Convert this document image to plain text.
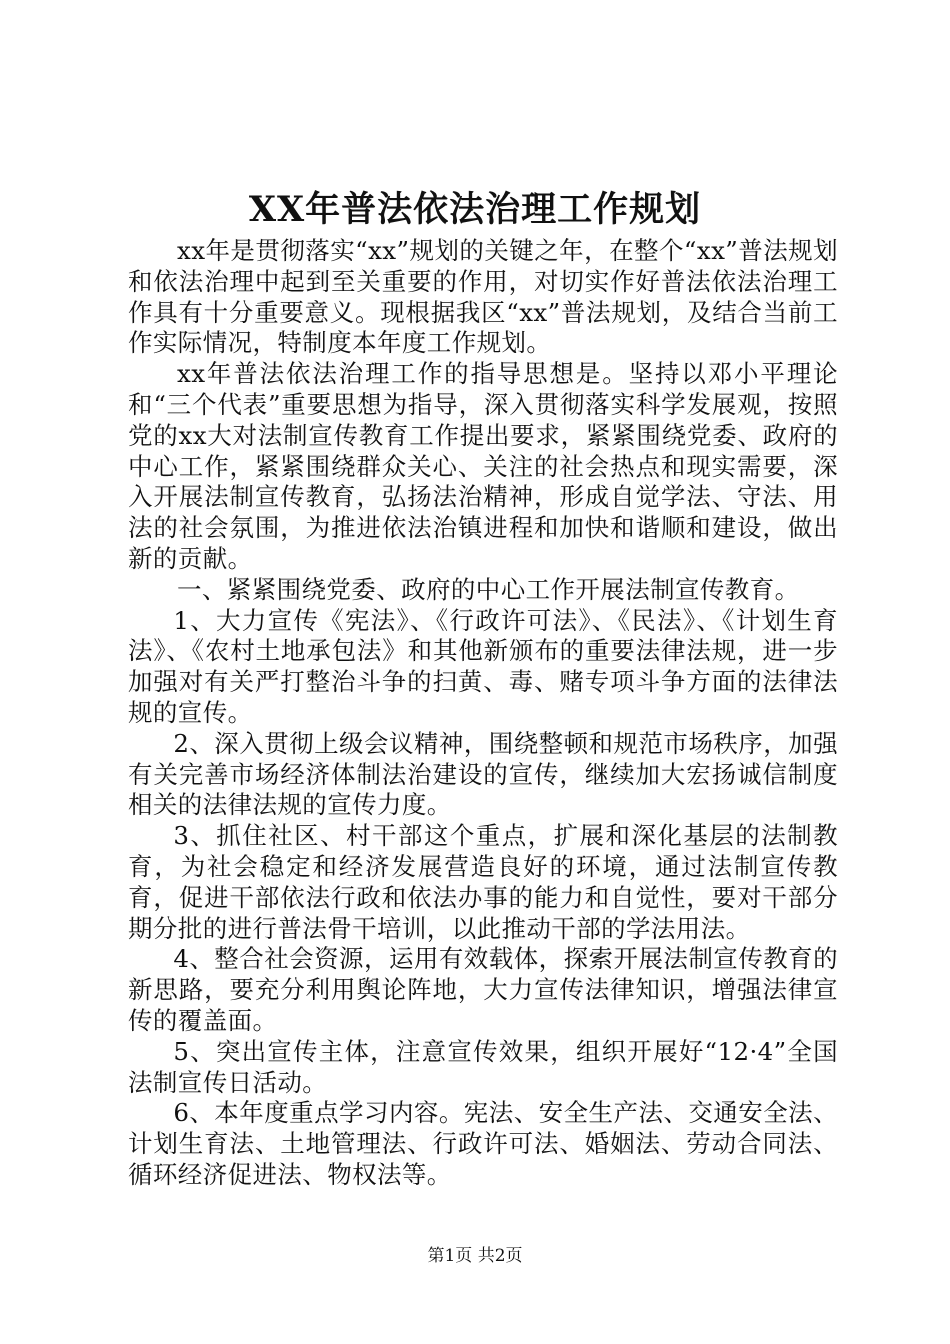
XX年普法依法治理工作规划

xx年是贯彻落实“xx”规划的关键之年，在整个“xx”普法规划和依法治理中起到至关重要的作用，对切实作好普法依法治理工作具有十分重要意义。现根据我区“xx”普法规划，及结合当前工作实际情况，特制度本年度工作规划。

xx年普法依法治理工作的指导思想是。坚持以邓小平理论和“三个代表”重要思想为指导，深入贯彻落实科学发展观，按照党的xx大对法制宣传教育工作提出要求，紧紧围绕党委、政府的中心工作，紧紧围绕群众关心、关注的社会热点和现实需要，深入开展法制宣传教育，弘扬法治精神，形成自觉学法、守法、用法的社会氛围，为推进依法治镇进程和加快和谐顺和建设，做出新的贡献。

一、紧紧围绕党委、政府的中心工作开展法制宣传教育。

1、大力宣传《宪法》、《行政许可法》、《民法》、《计划生育法》、《农村土地承包法》和其他新颁布的重要法律法规，进一步加强对有关严打整治斗争的扫黄、毒、赌专项斗争方面的法律法规的宣传。

2、深入贯彻上级会议精神，围绕整顿和规范市场秩序，加强有关完善市场经济体制法治建设的宣传，继续加大宏扬诚信制度相关的法律法规的宣传力度。

3、抓住社区、村干部这个重点，扩展和深化基层的法制教育，为社会稳定和经济发展营造良好的环境，通过法制宣传教育，促进干部依法行政和依法办事的能力和自觉性，要对干部分期分批的进行普法骨干培训，以此推动干部的学法用法。

4、整合社会资源，运用有效载体，探索开展法制宣传教育的新思路，要充分利用舆论阵地，大力宣传法律知识，增强法律宣传的覆盖面。

5、突出宣传主体，注意宣传效果，组织开展好“12·4”全国法制宣传日活动。

6、本年度重点学习内容。宪法、安全生产法、交通安全法、计划生育法、土地管理法、行政许可法、婚姻法、劳动合同法、循环经济促进法、物权法等。

第1页 共2页
